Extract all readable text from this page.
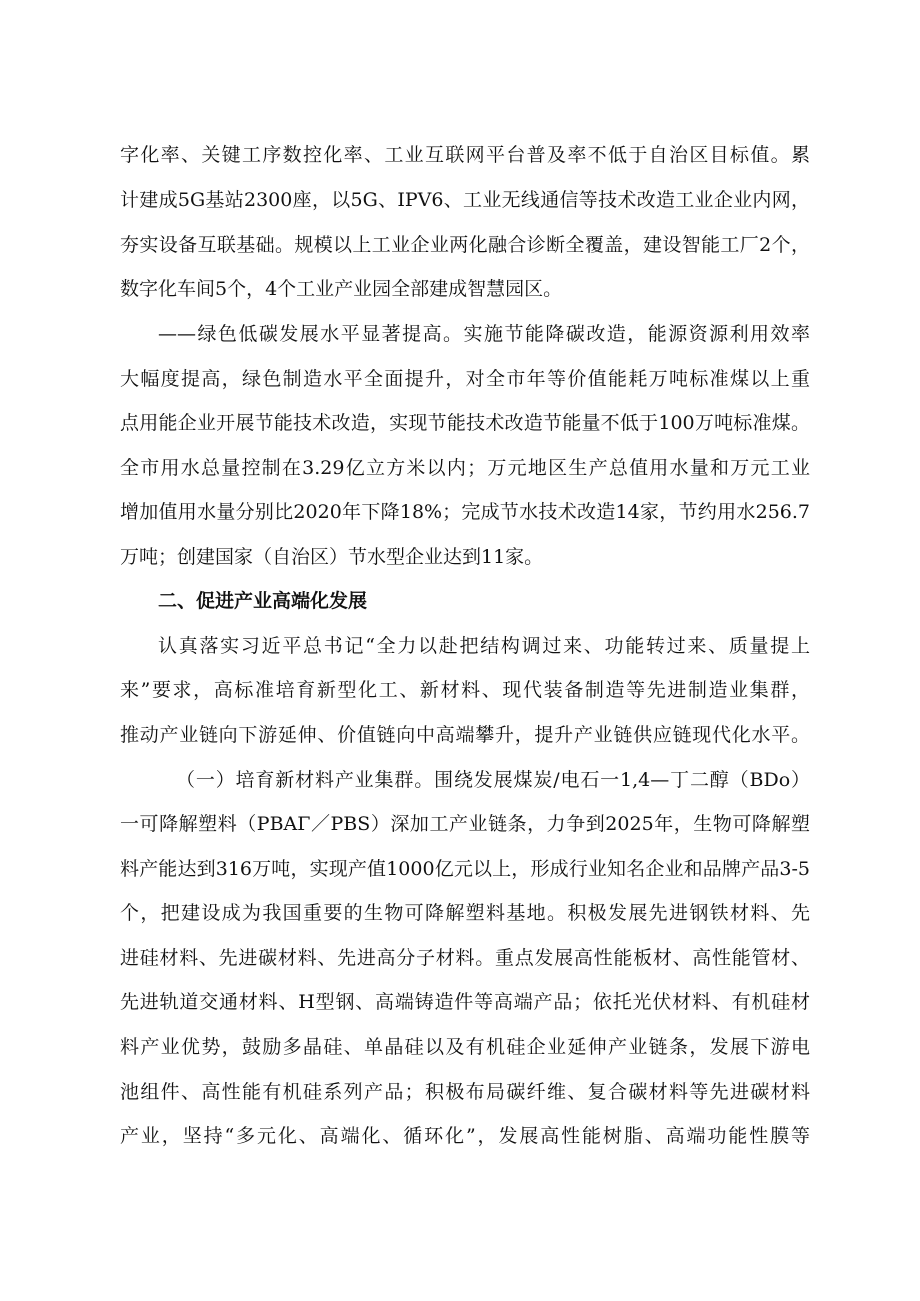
字化率、关键工序数控化率、工业互联网平台普及率不低于自治区目标值。累
计建成5G基站2300座，以5G、IPV6、工业无线通信等技术改造工业企业内网，
夯实设备互联基础。规模以上工业企业两化融合诊断全覆盖，建设智能工厂2个，
数字化车间5个，4个工业产业园全部建成智慧园区。
——绿色低碳发展水平显著提高。实施节能降碳改造，能源资源利用效率
大幅度提高，绿色制造水平全面提升，对全市年等价值能耗万吨标准煤以上重
点用能企业开展节能技术改造，实现节能技术改造节能量不低于100万吨标准煤。
全市用水总量控制在3.29亿立方米以内；万元地区生产总值用水量和万元工业
增加值用水量分别比2020年下降18%；完成节水技术改造14家，节约用水256.7
万吨；创建国家（自治区）节水型企业达到11家。
二、促进产业高端化发展
认真落实习近平总书记“全力以赴把结构调过来、功能转过来、质量提上
来”要求，高标准培育新型化工、新材料、现代装备制造等先进制造业集群，
推动产业链向下游延伸、价值链向中高端攀升，提升产业链供应链现代化水平。
（一）培育新材料产业集群。围绕发展煤炭/电石一1,4—丁二醇（BDo）
一可降解塑料（PBAΓ／PBS）深加工产业链条，力争到2025年，生物可降解塑
料产能达到316万吨，实现产值1000亿元以上，形成行业知名企业和品牌产品3-5
个，把建设成为我国重要的生物可降解塑料基地。积极发展先进钢铁材料、先
进硅材料、先进碳材料、先进高分子材料。重点发展高性能板材、高性能管材、
先进轨道交通材料、H型钢、高端铸造件等高端产品；依托光伏材料、有机硅材
料产业优势，鼓励多晶硅、单晶硅以及有机硅企业延伸产业链条，发展下游电
池组件、高性能有机硅系列产品；积极布局碳纤维、复合碳材料等先进碳材料
产业，坚持“多元化、高端化、循环化”，发展高性能树脂、高端功能性膜等
